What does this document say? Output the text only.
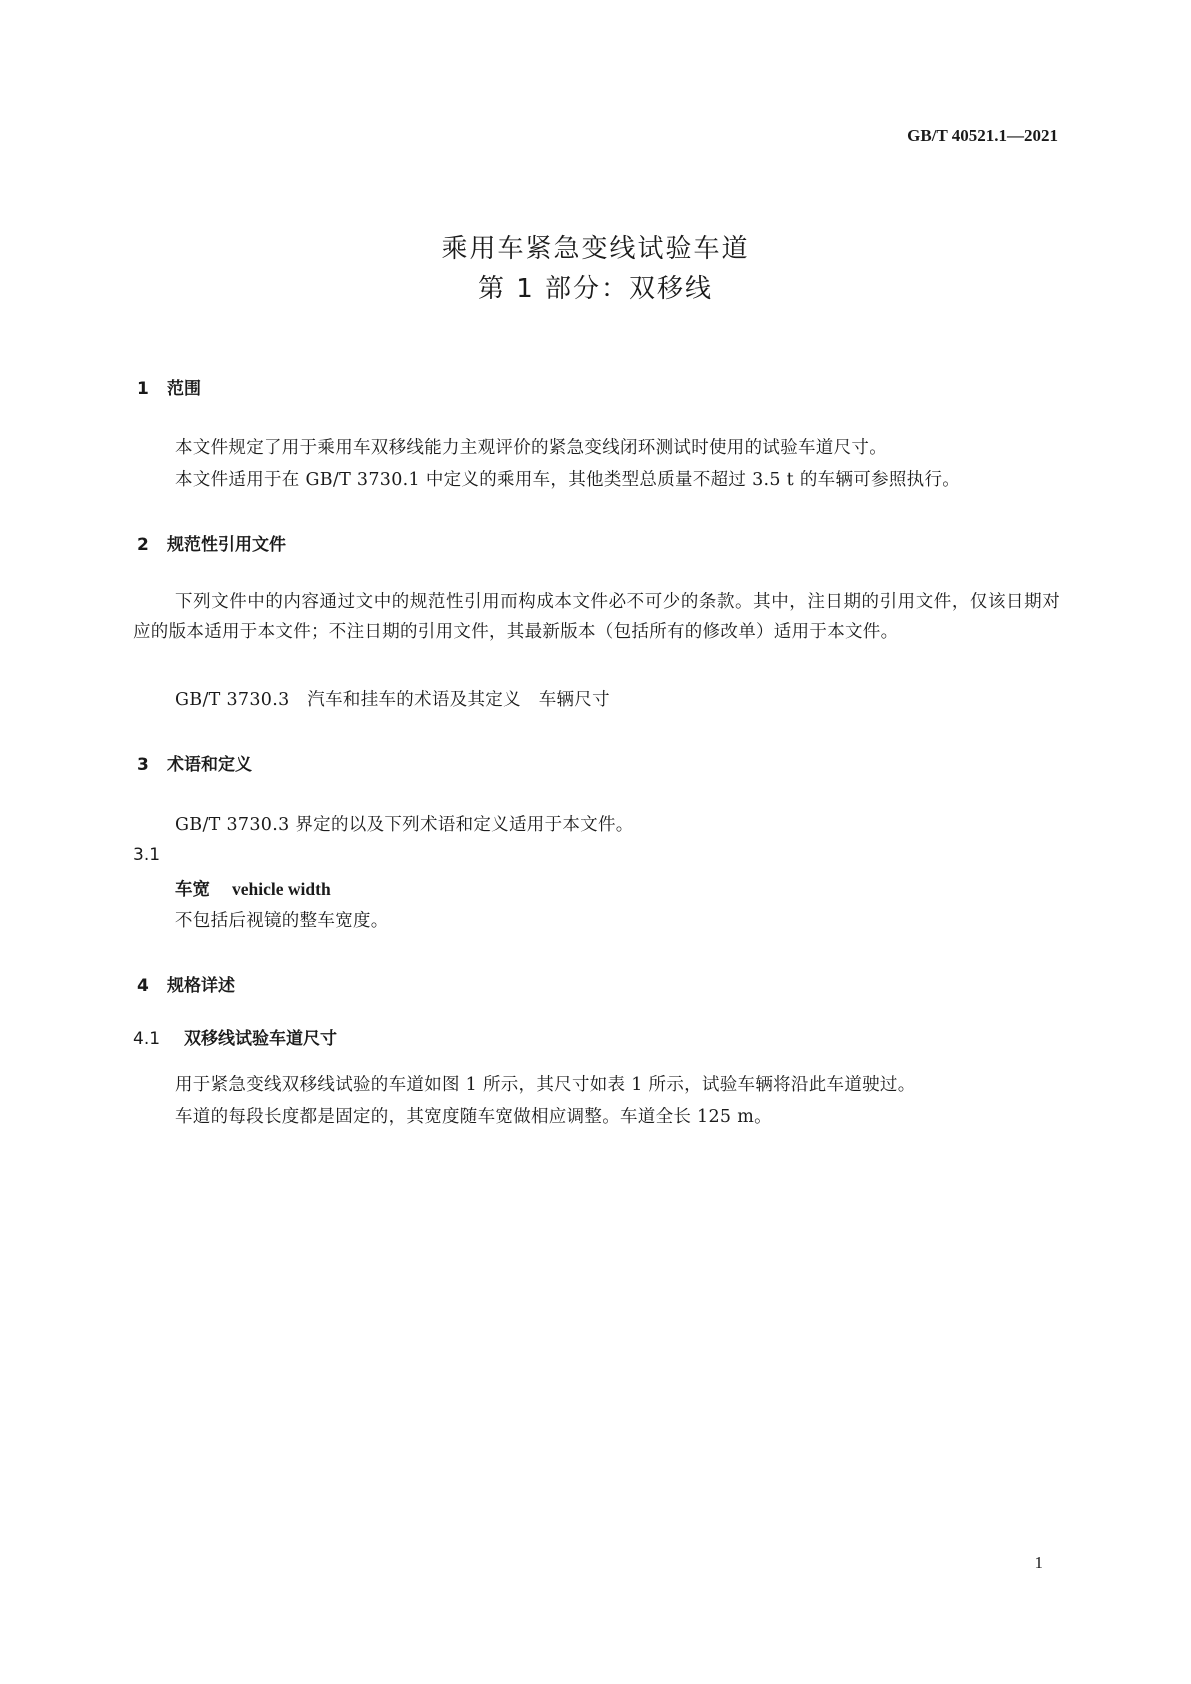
GB/T 40521.1—2021
乘用车紧急变线试验车道
第 1 部分：双移线
1 范围
本文件规定了用于乘用车双移线能力主观评价的紧急变线闭环测试时使用的试验车道尺寸。
本文件适用于在 GB/T 3730.1 中定义的乘用车，其他类型总质量不超过 3.5 t 的车辆可参照执行。
2 规范性引用文件
下列文件中的内容通过文中的规范性引用而构成本文件必不可少的条款。其中，注日期的引用文件，仅该日期对应的版本适用于本文件；不注日期的引用文件，其最新版本（包括所有的修改单）适用于本文件。
GB/T 3730.3　汽车和挂车的术语及其定义　车辆尺寸
3 术语和定义
GB/T 3730.3 界定的以及下列术语和定义适用于本文件。
3.1
车宽 vehicle width
不包括后视镜的整车宽度。
4 规格详述
4.1 双移线试验车道尺寸
用于紧急变线双移线试验的车道如图 1 所示，其尺寸如表 1 所示，试验车辆将沿此车道驶过。
车道的每段长度都是固定的，其宽度随车宽做相应调整。车道全长 125 m。
1
